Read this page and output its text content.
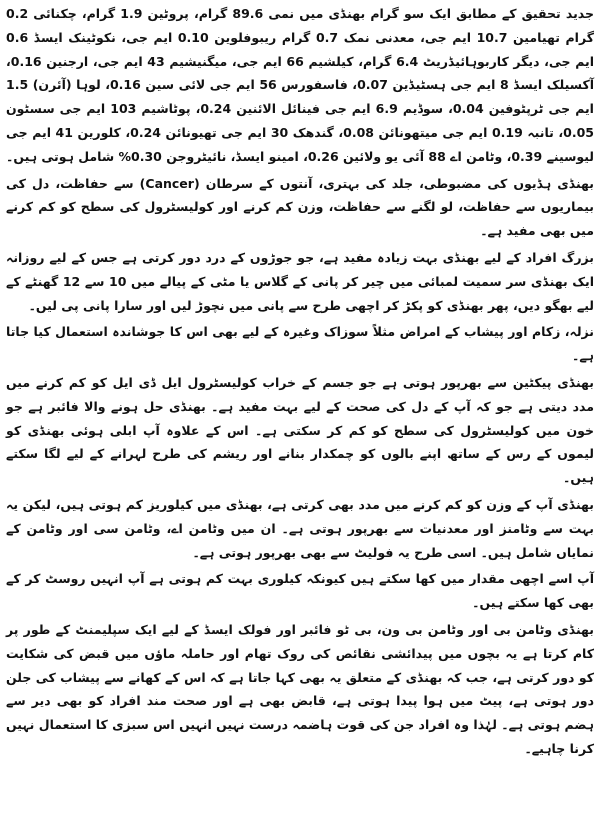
جدید تحقیق کے مطابق ایک سو گرام بھنڈی میں نمی 89.6 گرام، پروٹین 1.9 گرام، چکنائی 0.2 گرام تھیامین 10.7 ایم جی، معدنی نمک 0.7 گرام ریبوفلوین 0.10 ایم جی، نکوٹینک ایسڈ 0.6 ایم جی، دیگر کاربوہائیڈریٹ 6.4 گرام، کیلشیم 66 ایم جی، میگنیشیم 43 ایم جی، ارجنین 0.16، آکسیلک ایسڈ 8 ایم جی ہسٹیڈین 0.07، فاسفورس 56 ایم جی لائی سین 0.16، لوہا (آئرن) 1.5 ایم جی ٹرپٹوفین 0.04، سوڈیم 6.9 ایم جی فینائل الائنین 0.24، پوٹاشیم 103 ایم جی سسٹون 0.05، تانبہ 0.19 ایم جی میتھونائن 0.08، گندھک 30 ایم جی تھیونائن 0.24، کلورین 41 ایم جی لیوسینے 0.39، وٹامن اے 88 آئی یو ولائین 0.26، امینو ایسڈ، نائیٹروجن 0.30% شامل ہوتی ہیں۔

بھنڈی ہڈیوں کی مضبوطی، جلد کی بہتری، آنتوں کے سرطان (Cancer) سے حفاظت، دل کی بیماریوں سے حفاظت، لو لگنے سے حفاظت، وزن کم کرنے اور کولیسٹرول کی سطح کو کم کرنے میں بھی مفید ہے۔

بزرگ افراد کے لیے بھنڈی بہت زیادہ مفید ہے، جو جوڑوں کے درد دور کرتی ہے جس کے لیے روزانہ ایک بھنڈی سر سمیت لمبائی میں چیر کر پانی کے گلاس یا مٹی کے پیالے میں 10 سے 12 گھنٹے کے لیے بھگو دیں، پھر بھنڈی کو پکڑ کر اچھی طرح سے پانی میں نچوڑ لیں اور سارا پانی پی لیں۔

نزلہ، زکام اور پیشاب کے امراض مثلاً سوزاک وغیرہ کے لیے بھی اس کا جوشاندہ استعمال کیا جاتا ہے۔

بھنڈی پیکٹین سے بھرپور ہوتی ہے جو جسم کے خراب کولیسٹرول ایل ڈی ایل کو کم کرنے میں مدد دیتی ہے جو کہ آپ کے دل کی صحت کے لیے بہت مفید ہے۔ بھنڈی حل ہونے والا فائبر ہے جو خون میں کولیسٹرول کی سطح کو کم کر سکتی ہے۔ اس کے علاوہ آپ ابلی ہوئی بھنڈی کو لیموں کے رس کے ساتھ اپنے بالوں کو چمکدار بنانے اور ریشم کی طرح لہرانے کے لیے لگا سکتے ہیں۔

بھنڈی آپ کے وزن کو کم کرنے میں مدد بھی کرتی ہے، بھنڈی میں کیلوریز کم ہوتی ہیں، لیکن یہ بہت سے وٹامنز اور معدنیات سے بھرپور ہوتی ہے۔ ان میں وٹامن اے، وٹامن سی اور وٹامن کے نمایاں شامل ہیں۔ اسی طرح یہ فولیٹ سے بھی بھرپور ہوتی ہے۔

آپ اسے اچھی مقدار میں کھا سکتے ہیں کیونکہ کیلوری بہت کم ہوتی ہے آپ انہیں روسٹ کر کے بھی کھا سکتے ہیں۔

بھنڈی وٹامن بی اور وٹامن بی ون، بی ٹو فائبر اور فولک ایسڈ کے لیے ایک سپلیمنٹ کے طور پر کام کرتا ہے یہ بچوں میں پیدائشی نقائص کی روک تھام اور حاملہ ماؤں میں قبض کی شکایت کو دور کرتی ہے، جب کہ بھنڈی کے متعلق یہ بھی کہا جاتا ہے کہ اس کے کھانے سے پیشاب کی جلن دور ہوتی ہے، پیٹ میں ہوا پیدا ہوتی ہے، قابض بھی ہے اور صحت مند افراد کو بھی دیر سے ہضم ہوتی ہے۔ لہٰذا وہ افراد جن کی قوت ہاضمہ درست نہیں انہیں اس سبزی کا استعمال نہیں کرنا چاہیے۔
